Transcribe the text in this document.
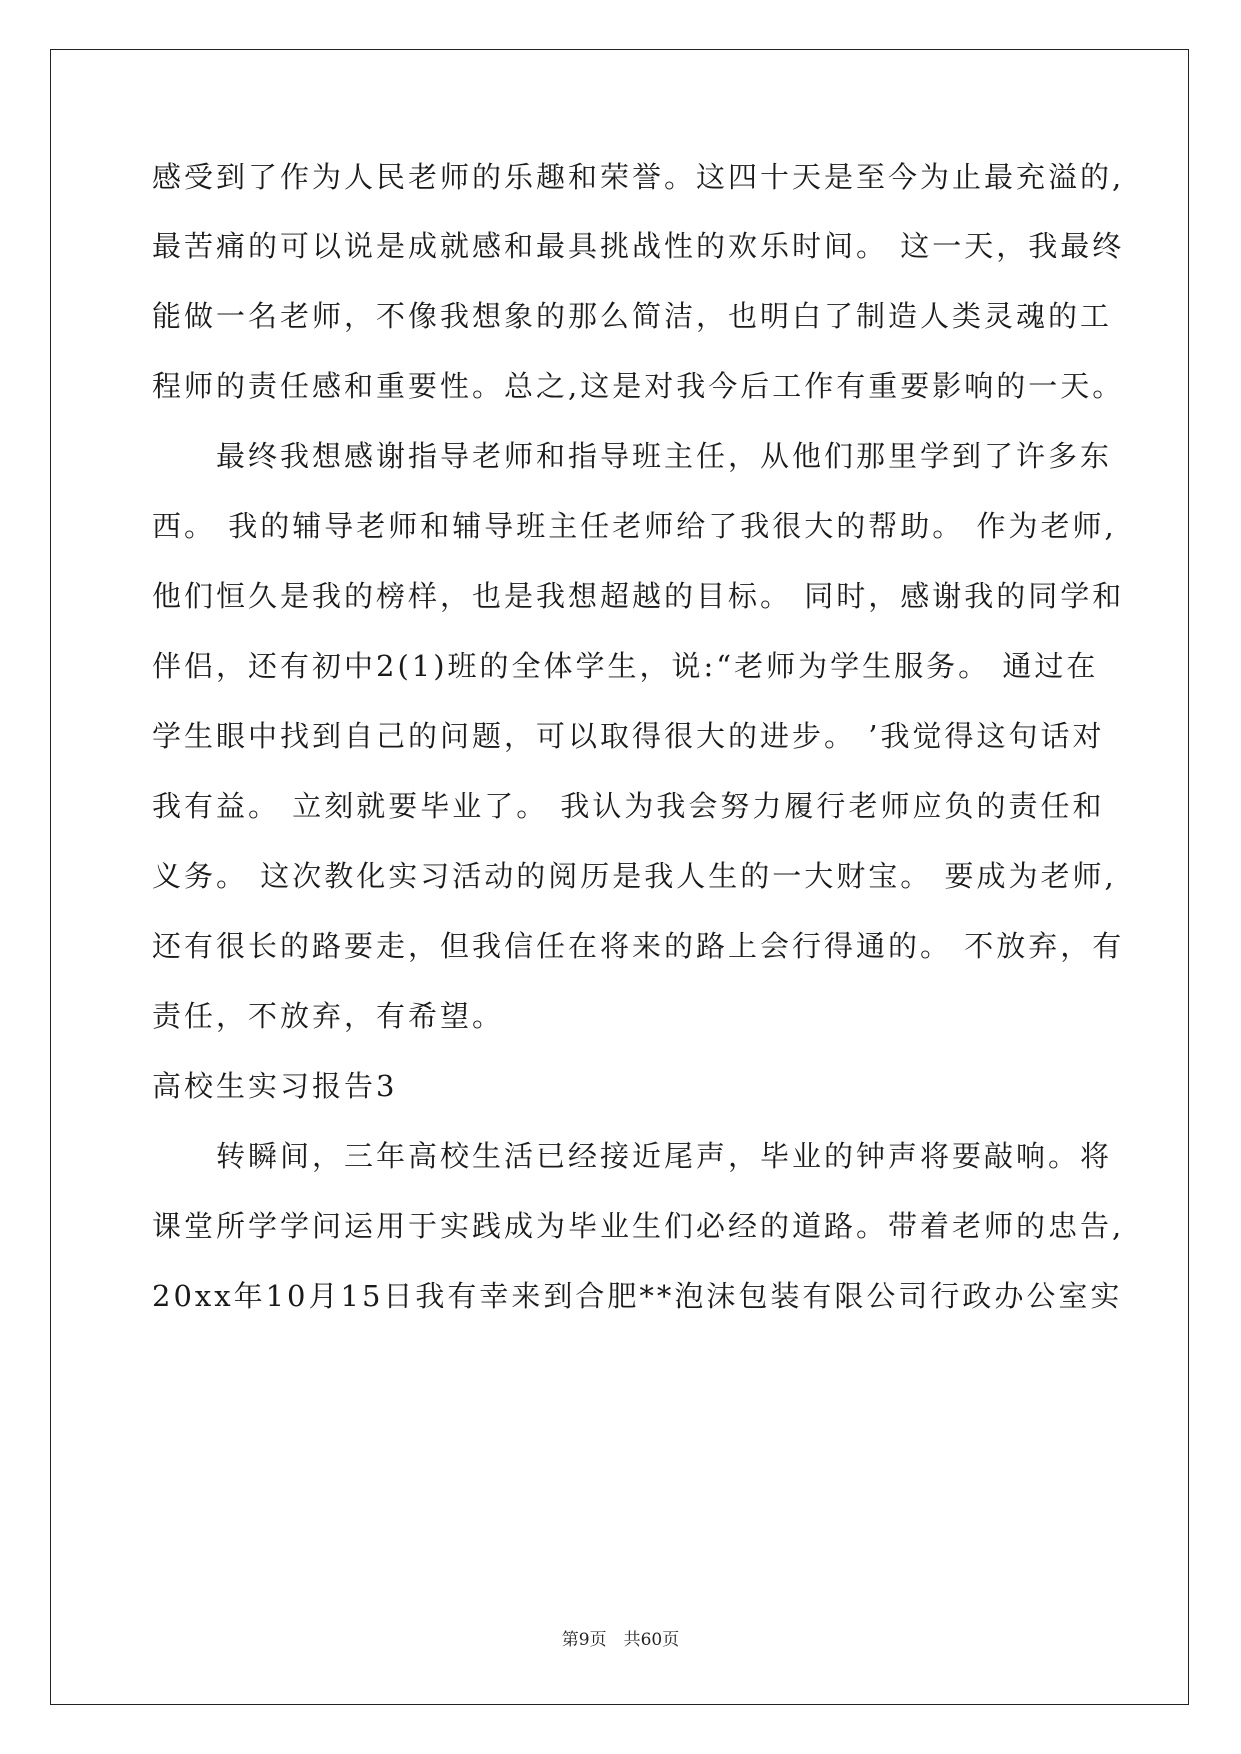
感受到了作为人民老师的乐趣和荣誉。这四十天是至今为止最充溢的,
最苦痛的可以说是成就感和最具挑战性的欢乐时间。 这一天，我最终
能做一名老师，不像我想象的那么简洁，也明白了制造人类灵魂的工
程师的责任感和重要性。总之,这是对我今后工作有重要影响的一天。
　　最终我想感谢指导老师和指导班主任，从他们那里学到了许多东
西。 我的辅导老师和辅导班主任老师给了我很大的帮助。 作为老师,
他们恒久是我的榜样，也是我想超越的目标。 同时，感谢我的同学和
伴侣，还有初中2(1)班的全体学生，说:“老师为学生服务。 通过在
学生眼中找到自己的问题，可以取得很大的进步。 ’我觉得这句话对
我有益。 立刻就要毕业了。 我认为我会努力履行老师应负的责任和
义务。 这次教化实习活动的阅历是我人生的一大财宝。 要成为老师,
还有很长的路要走，但我信任在将来的路上会行得通的。 不放弃，有
责任，不放弃，有希望。
高校生实习报告3
　　转瞬间，三年高校生活已经接近尾声，毕业的钟声将要敲响。将
课堂所学学问运用于实践成为毕业生们必经的道路。带着老师的忠告,
20xx年10月15日我有幸来到合肥**泡沫包装有限公司行政办公室实
第9页　共60页
